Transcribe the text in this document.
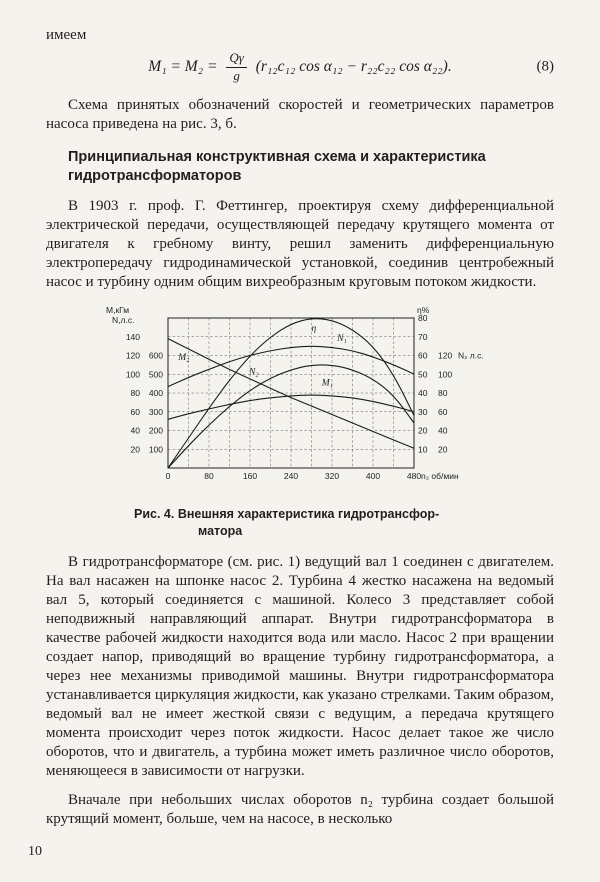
имеем
$M_1 = M_2 = \frac{Q\gamma}{g} (r_{12}c_{12}$ cos α₁₂ − r₂₂c₂₂ cos α₂₂).	(8)

Схема принятых обозначений скоростей и геометрических параметров насоса приведена на рис. 3, б.

Принципиальная конструктивная схема и характеристика гидротрансформаторов

В 1903 г. проф. Г. Феттингер, проектируя схему дифференциальной электрической передачи, осуществляющей передачу крутящего момента от двигателя к гребному винту, решил заменить дифференциальную электропередачу гидродинамической установкой, соединив центробежный насос и турбину одним общим вихреобразным круговым потоком жидкости.

0	80	160	240	320	400	480 n₂ об/мин
100
200
300
400
500
600
20
40
60
80
100
120
140
10
20
30
40
50
60
70
80
20
40
60
80
100
120
М,кГм
N,л.с.
η%
N₂ л.с.
η
N₁
N₂
М₁
М₂
Рис. 4. Внешняя характеристика гидротрансфор-
матора

В гидротрансформаторе (см. рис. 1) ведущий вал 1 соединен с двигателем. На вал насажен на шпонке насос 2. Турбина 4 жестко насажена на ведомый вал 5, который соединяется с машиной. Колесо 3 представляет собой неподвижный направляющий аппарат. Внутри гидротрансформатора в качестве рабочей жидкости находится вода или масло. Насос 2 при вращении создает напор, приводящий во вращение турбину гидротрансформатора, а через нее механизмы приводимой машины. Внутри гидротрансформатора устанавливается циркуляция жидкости, как указано стрелками. Таким образом, ведомый вал не имеет жесткой связи с ведущим, а передача крутящего момента происходит через поток жидкости. Насос делает такое же число оборотов, что и двигатель, а турбина может иметь различное число оборотов, меняющееся в зависимости от нагрузки.

Вначале при небольших числах оборотов n₂ турбина создает большой крутящий момент, больше, чем на насосе, в несколько

10
